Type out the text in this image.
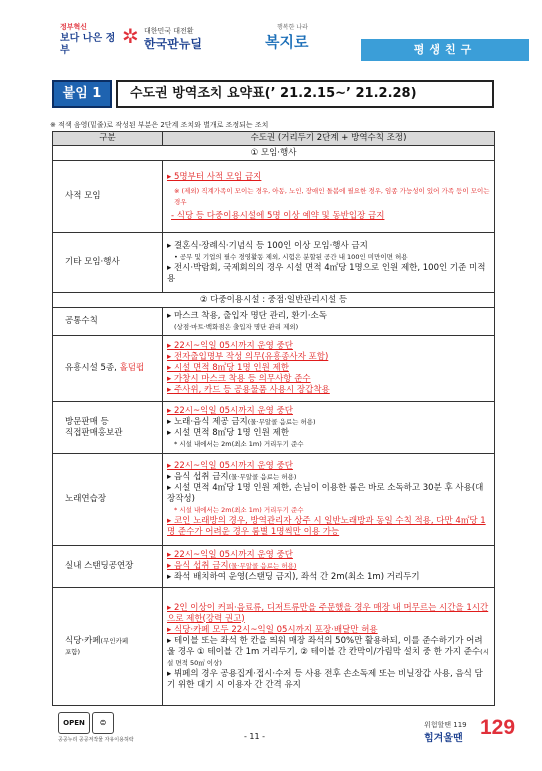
정부혁신
보다 나은 정부
✲ 대한민국 대전환
한국판뉴딜
행복한 나라
복지로	평생친구
붙임 1	수도권 방역조치 요약표(’ 21.2.15~’ 21.2.28)
※ 적색 음영(밑줄)로 작성된 부분은 2단계 조치와 별개로 조정되는 조치
구분	수도권 (거리두기 2단계 + 방역수칙 조정)
① 모임·행사	
사적 모임	▸ 5명부터 사적 모임 금지
※ (제외) 직계가족이 모이는 경우, 아동, 노인, 장애인 돌봄에 필요한 경우, 임종 가능성이 있어 가족 등이 모이는 경우
- 식당 등 다중이용시설에 5명 이상 예약 및 동반입장 금지

기타 모임·행사	▸ 결혼식·장례식·기념식 등 100인 이상 모임·행사 금지
• 공무 및 기업의 필수 경영활동 제외, 시험은 분할된 공간 내 100인 미만이면 허용
▸ 전시·박람회, 국제회의의 경우 시설 면적 4㎡당 1명으로 인원 제한, 100인 기준 미적용

② 다중이용시설 : 중점·일반관리시설 등	
공통수칙	▸ 마스크 착용, 출입자 명단 관리, 환기·소독
(상점·마트·백화점은 출입자 명단 관리 제외)

유흥시설 5종, 홀덤펍	▸ 22시~익일 05시까지 운영 중단
▸ 전자출입명부 작성 의무(유흥종사자 포함)
▸ 시설 면적 8㎡당 1명 인원 제한
▸ 가창시 마스크 착용 등 의무사항 준수
▸ 주사위, 카드 등 공용물품 사용시 장갑착용

방문판매 등
직접판매홍보관	▸ 22시~익일 05시까지 운영 중단
▸ 노래·음식 제공 금지(물·무알콜 음료는 허용)
▸ 시설 면적 8㎡당 1명 인원 제한
* 시설 내에서는 2m(최소 1m) 거리두기 준수

노래연습장	▸ 22시~익일 05시까지 운영 중단
▸ 음식 섭취 금지(물·무알콜 음료는 허용)
▸ 시설 면적 4㎡당 1명 인원 제한, 손님이 이용한 룸은 바로 소독하고 30분 후 사용(대장작성)
* 시설 내에서는 2m(최소 1m) 거리두기 준수
▸ 코인 노래방의 경우, 방역관리자 상주 시 일반노래방과 동일 수칙 적용, 다만 4㎡당 1명 준수가 어려운 경우 룸별 1명씩만 이용 가능

실내 스탠딩공연장	▸ 22시~익일 05시까지 운영 중단
▸ 음식 섭취 금지(물·무알콜 음료는 허용)
▸ 좌석 배치하여 운영(스탠딩 금지), 좌석 간 2m(최소 1m) 거리두기

식당·카페(무인카페
포함)	▸ 2인 이상이 커피·음료류, 디저트류만을 주문했을 경우 매장 내 머무르는 시간을 1시간으로 제한(강력 권고)
▸ 식당·카페 모두 22시~익일 05시까지 포장·배달만 허용
▸ 테이블 또는 좌석 한 칸을 띄워 매장 좌석의 50%만 활용하되, 이를 준수하기가 어려울 경우 ① 테이블 간 1m 거리두기, ② 테이블 간 칸막이/가림막 설치 중 한 가지 준수(시설 면적 50㎡ 이상)
▸ 뷔페의 경우 공용집게·접시·수저 등 사용 전후 손소독제 또는 비닐장갑 사용, 음식 담기 위한 대기 시 이용자 간 간격 유지
OPEN	⊜
공공누리 공공저작물 자유이용허락	- 11 -
위험할땐 119
힘겨울땐 129
